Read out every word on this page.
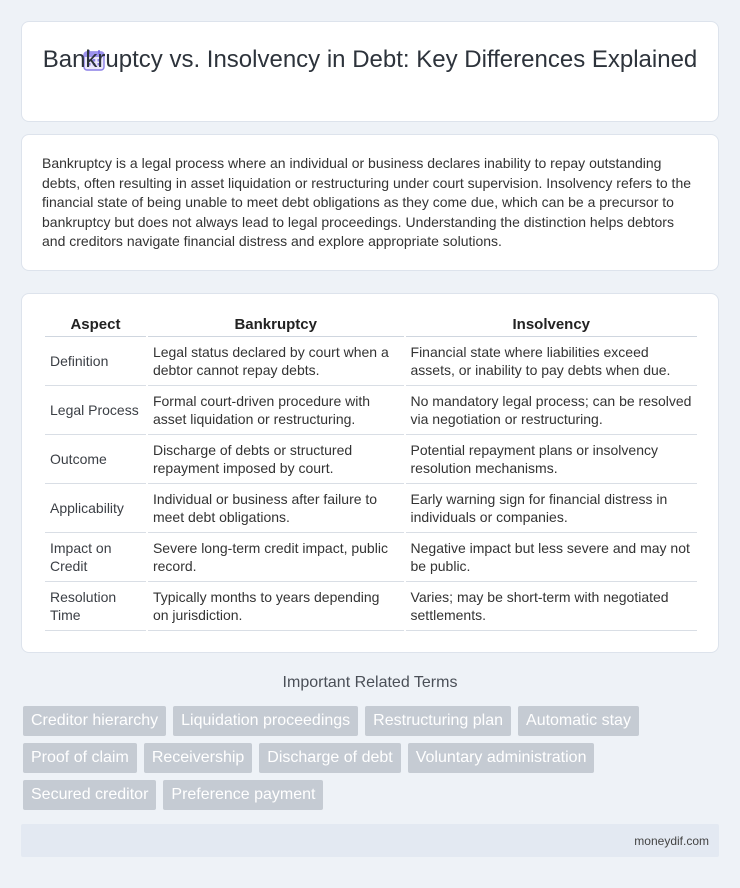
Bankruptcy vs. Insolvency in Debt: Key Differences Explained

Bankruptcy is a legal process where an individual or business declares inability to repay outstanding debts, often resulting in asset liquidation or restructuring under court supervision. Insolvency refers to the financial state of being unable to meet debt obligations as they come due, which can be a precursor to bankruptcy but does not always lead to legal proceedings. Understanding the distinction helps debtors and creditors navigate financial distress and explore appropriate solutions.

Aspect	Bankruptcy	Insolvency
Definition	Legal status declared by court when a debtor cannot repay debts.	Financial state where liabilities exceed assets, or inability to pay debts when due.
Legal Process	Formal court-driven procedure with asset liquidation or restructuring.	No mandatory legal process; can be resolved via negotiation or restructuring.
Outcome	Discharge of debts or structured repayment imposed by court.	Potential repayment plans or insolvency resolution mechanisms.
Applicability	Individual or business after failure to meet debt obligations.	Early warning sign for financial distress in individuals or companies.
Impact on Credit	Severe long-term credit impact, public record.	Negative impact but less severe and may not be public.
Resolution Time	Typically months to years depending on jurisdiction.	Varies; may be short-term with negotiated settlements.
Important Related Terms
Creditor hierarchy	Liquidation proceedings	Restructuring plan	Automatic stay
Proof of claim	Receivership	Discharge of debt	Voluntary administration
Secured creditor	Preference payment
moneydif.com
